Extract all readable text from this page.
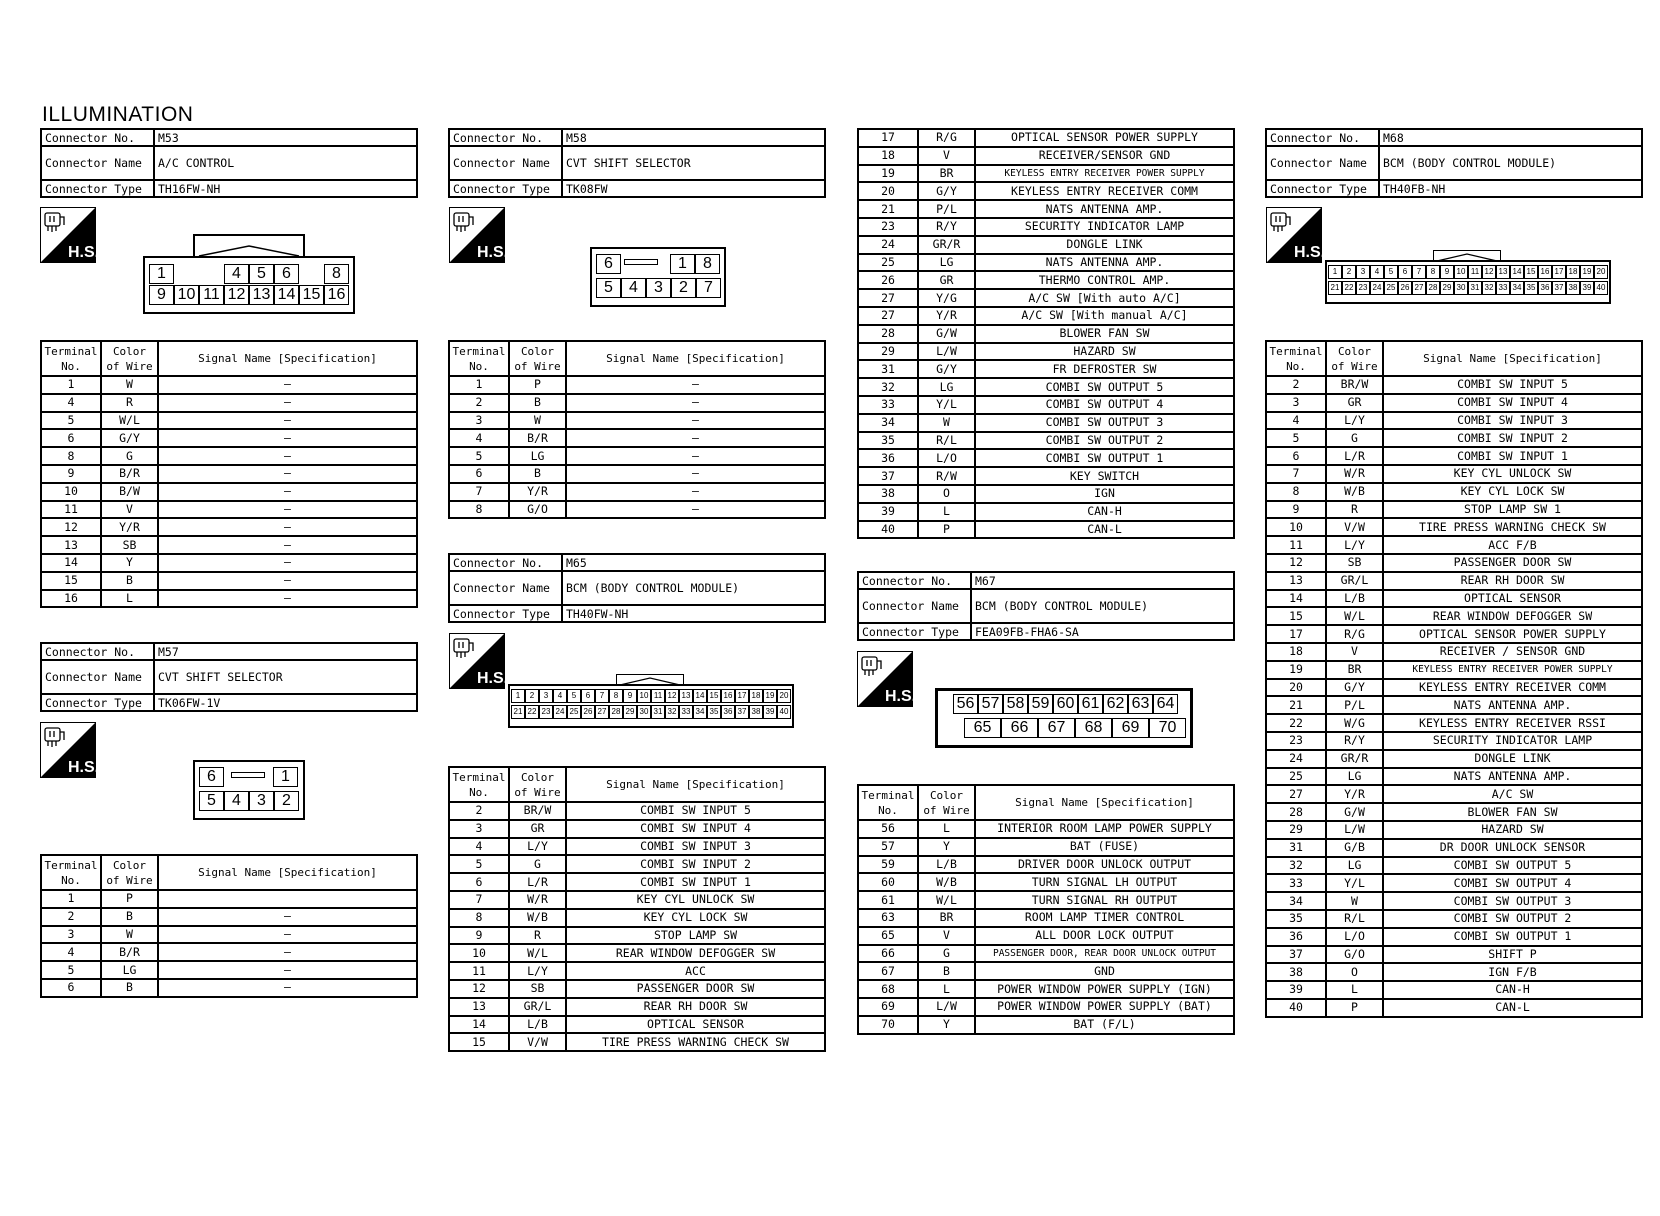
ILLUMINATION
Connector No.	M53
Connector Name	A/C CONTROL
Connector Type	TH16FW-NH
H.S.
1	4	5	6	8
9 10 11 12 13 14 15 16
Terminal
No.	Color
of Wire	Signal Name [Specification]
1	W	–
4	R	–
5	W/L	–
6	G/Y	–
8	G	–
9	B/R	–
10	B/W	–
11	V	–
12	Y/R	–
13	SB	–
14	Y	–
15	B	–
16	L	–
Connector No.	M57
Connector Name	CVT SHIFT SELECTOR
Connector Type	TK06FW-1V
H.S.
6	1
5	4	3	2
Terminal
No.	Color
of Wire	Signal Name [Specification]
1	P	
2	B	–
3	W	–
4	B/R	–
5	LG	–
6	B	–
Connector No.	M58
Connector Name	CVT SHIFT SELECTOR
Connector Type	TK08FW
H.S.
6	1	8
5	4	3	2	7
Terminal
No.	Color
of Wire	Signal Name [Specification]
1	P	–
2	B	–
3	W	–
4	B/R	–
5	LG	–
6	B	–
7	Y/R	–
8	G/O	–
Connector No.	M65
Connector Name	BCM (BODY CONTROL MODULE)
Connector Type	TH40FW-NH
H.S.
1	2	3	4	5	6	7	8	9 10 11 12 13 14 15 16 17 18 19 20
21 22 23 24 25 26 27 28 29 30 31 32 33 34 35 36 37 38 39 40
Terminal
No.	Color
of Wire	Signal Name [Specification]
2	BR/W	COMBI SW INPUT 5
3	GR	COMBI SW INPUT 4
4	L/Y	COMBI SW INPUT 3
5	G	COMBI SW INPUT 2
6	L/R	COMBI SW INPUT 1
7	W/R	KEY CYL UNLOCK SW
8	W/B	KEY CYL LOCK SW
9	R	STOP LAMP SW
10	W/L	REAR WINDOW DEFOGGER SW
11	L/Y	ACC
12	SB	PASSENGER DOOR SW
13	GR/L	REAR RH DOOR SW
14	L/B	OPTICAL SENSOR
15	V/W	TIRE PRESS WARNING CHECK SW
17	R/G	OPTICAL SENSOR POWER SUPPLY
18	V	RECEIVER/SENSOR GND
19	BR	KEYLESS ENTRY RECEIVER POWER SUPPLY
20	G/Y	KEYLESS ENTRY RECEIVER COMM
21	P/L	NATS ANTENNA AMP.
23	R/Y	SECURITY INDICATOR LAMP
24	GR/R	DONGLE LINK
25	LG	NATS ANTENNA AMP.
26	GR	THERMO CONTROL AMP.
27	Y/G	A/C SW [With auto A/C]
27	Y/R	A/C SW [With manual A/C]
28	G/W	BLOWER FAN SW
29	L/W	HAZARD SW
31	G/Y	FR DEFROSTER SW
32	LG	COMBI SW OUTPUT 5
33	Y/L	COMBI SW OUTPUT 4
34	W	COMBI SW OUTPUT 3
35	R/L	COMBI SW OUTPUT 2
36	L/O	COMBI SW OUTPUT 1
37	R/W	KEY SWITCH
38	O	IGN
39	L	CAN-H
40	P	CAN-L
Connector No.	M67
Connector Name	BCM (BODY CONTROL MODULE)
Connector Type	FEA09FB-FHA6-SA
H.S.	56 57 58 59 60 61 62 63 64
65	66	67	68	69	70
Terminal
No.	Color
of Wire	Signal Name [Specification]
56	L	INTERIOR ROOM LAMP POWER SUPPLY
57	Y	BAT (FUSE)
59	L/B	DRIVER DOOR UNLOCK OUTPUT
60	W/B	TURN SIGNAL LH OUTPUT
61	W/L	TURN SIGNAL RH OUTPUT
63	BR	ROOM LAMP TIMER CONTROL
65	V	ALL DOOR LOCK OUTPUT
66	G	PASSENGER DOOR, REAR DOOR UNLOCK OUTPUT
67	B	GND
68	L	POWER WINDOW POWER SUPPLY (IGN)
69	L/W	POWER WINDOW POWER SUPPLY (BAT)
70	Y	BAT (F/L)
Connector No.	M68
Connector Name	BCM (BODY CONTROL MODULE)
Connector Type	TH40FB-NH
H.S.
1	2	3	4	5	6	7	8	9 10 11 12 13 14 15 16 17 18 19 20
21 22 23 24 25 26 27 28 29 30 31 32 33 34 35 36 37 38 39 40
Terminal
No.	Color
of Wire	Signal Name [Specification]
2	BR/W	COMBI SW INPUT 5
3	GR	COMBI SW INPUT 4
4	L/Y	COMBI SW INPUT 3
5	G	COMBI SW INPUT 2
6	L/R	COMBI SW INPUT 1
7	W/R	KEY CYL UNLOCK SW
8	W/B	KEY CYL LOCK SW
9	R	STOP LAMP SW 1
10	V/W	TIRE PRESS WARNING CHECK SW
11	L/Y	ACC F/B
12	SB	PASSENGER DOOR SW
13	GR/L	REAR RH DOOR SW
14	L/B	OPTICAL SENSOR
15	W/L	REAR WINDOW DEFOGGER SW
17	R/G	OPTICAL SENSOR POWER SUPPLY
18	V	RECEIVER / SENSOR GND
19	BR	KEYLESS ENTRY RECEIVER POWER SUPPLY
20	G/Y	KEYLESS ENTRY RECEIVER COMM
21	P/L	NATS ANTENNA AMP.
22	W/G	KEYLESS ENTRY RECEIVER RSSI
23	R/Y	SECURITY INDICATOR LAMP
24	GR/R	DONGLE LINK
25	LG	NATS ANTENNA AMP.
27	Y/R	A/C SW
28	G/W	BLOWER FAN SW
29	L/W	HAZARD SW
31	G/B	DR DOOR UNLOCK SENSOR
32	LG	COMBI SW OUTPUT 5
33	Y/L	COMBI SW OUTPUT 4
34	W	COMBI SW OUTPUT 3
35	R/L	COMBI SW OUTPUT 2
36	L/O	COMBI SW OUTPUT 1
37	G/O	SHIFT P
38	O	IGN F/B
39	L	CAN-H
40	P	CAN-L
